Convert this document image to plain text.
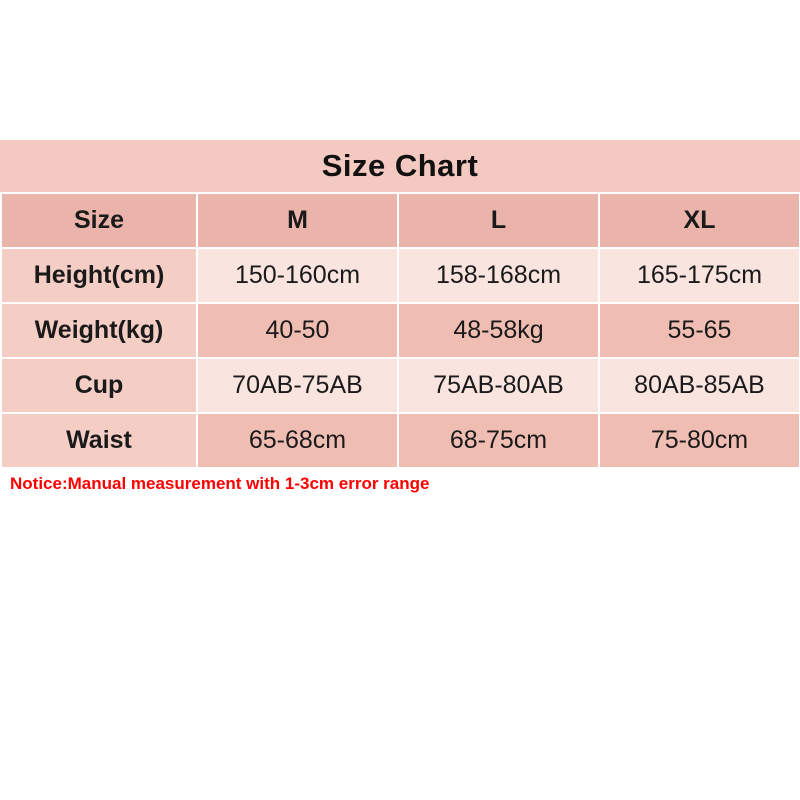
Size Chart
Size	M	L	XL
Height(cm)	150-160cm	158-168cm	165-175cm
Weight(kg)	40-50	48-58kg	55-65
Cup	70AB-75AB	75AB-80AB	80AB-85AB
Waist	65-68cm	68-75cm	75-80cm
Notice:Manual measurement with 1-3cm error range
